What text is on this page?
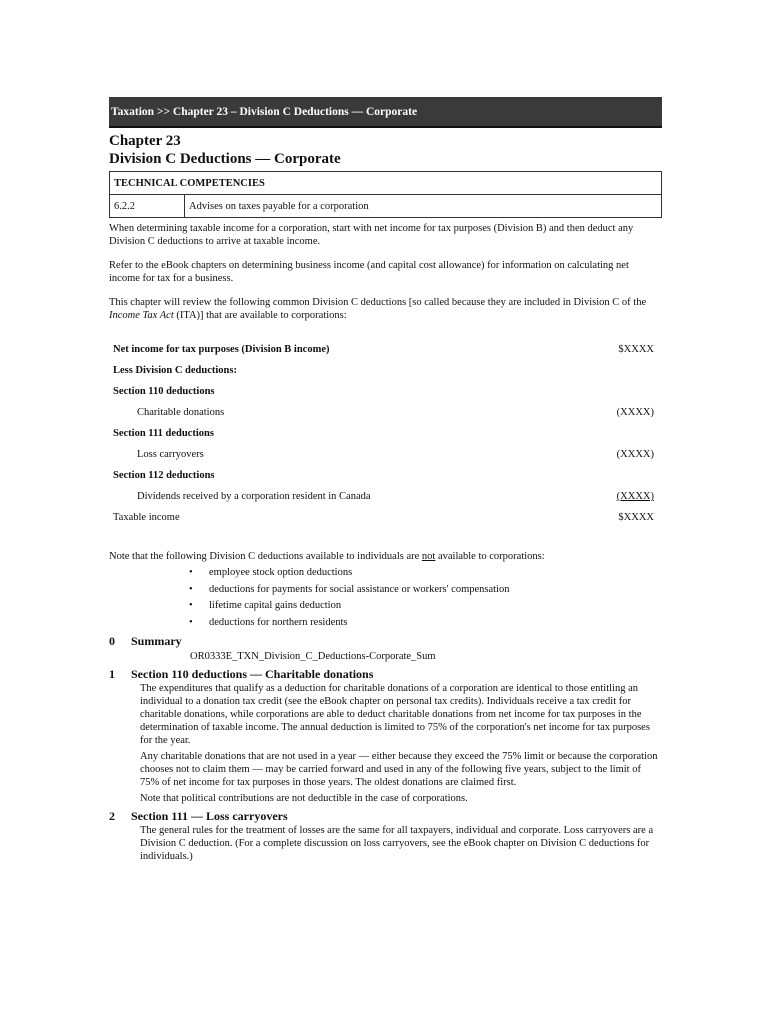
Taxation >> Chapter 23 – Division C Deductions — Corporate
Chapter 23
Division C Deductions — Corporate
TECHNICAL COMPETENCIES
6.2.2	Advises on taxes payable for a corporation

When determining taxable income for a corporation, start with net income for tax purposes (Division B) and then deduct any Division C deductions to arrive at taxable income.

Refer to the eBook chapters on determining business income (and capital cost allowance) for information on calculating net income for tax for a business.

This chapter will review the following common Division C deductions [so called because they are included in Division C of the Income Tax Act (ITA)] that are available to corporations:

Net income for tax purposes (Division B income)	$XXXX
Less Division C deductions:
Section 110 deductions
Charitable donations	(XXXX)
Section 111 deductions
Loss carryovers	(XXXX)
Section 112 deductions
Dividends received by a corporation resident in Canada	(XXXX)
Taxable income	$XXXX

Note that the following Division C deductions available to individuals are not available to corporations:

• employee stock option deductions
• deductions for payments for social assistance or workers' compensation
• lifetime capital gains deduction
• deductions for northern residents
0	Summary
OR0333E_TXN_Division_C_Deductions-Corporate_Sum
1	Section 110 deductions — Charitable donations

The expenditures that qualify as a deduction for charitable donations of a corporation are identical to those entitling an individual to a donation tax credit (see the eBook chapter on personal tax credits). Individuals receive a tax credit for charitable donations, while corporations are able to deduct charitable donations from net income for tax purposes in the determination of taxable income. The annual deduction is limited to 75% of the corporation's net income for tax purposes for the year.

Any charitable donations that are not used in a year — either because they exceed the 75% limit or because the corporation chooses not to claim them — may be carried forward and used in any of the following five years, subject to the limit of 75% of net income for tax purposes in those years. The oldest donations are claimed first.

Note that political contributions are not deductible in the case of corporations.

2	Section 111 — Loss carryovers

The general rules for the treatment of losses are the same for all taxpayers, individual and corporate. Loss carryovers are a Division C deduction. (For a complete discussion on loss carryovers, see the eBook chapter on Division C deductions for individuals.)
